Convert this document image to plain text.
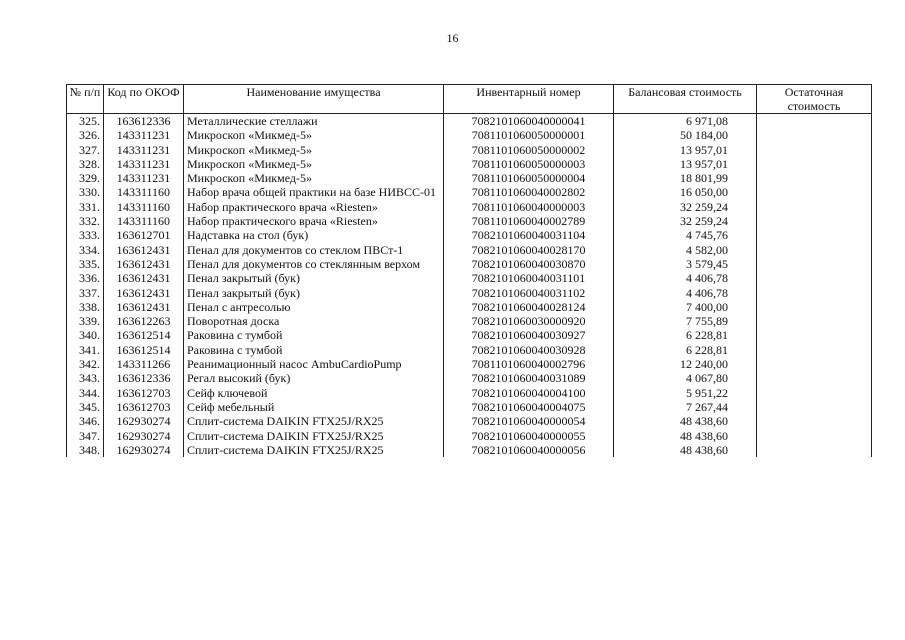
16
№ п/п	Код по ОКОФ	Наименование имущества	Инвентарный номер	Балансовая стоимость	Остаточная стоимость
325.	163612336	Металлические стеллажи	7082101060040000041	6 971,08	
326.	143311231	Микроскоп «Микмед-5»	7081101060050000001	50 184,00	
327.	143311231	Микроскоп «Микмед-5»	7081101060050000002	13 957,01	
328.	143311231	Микроскоп «Микмед-5»	7081101060050000003	13 957,01	
329.	143311231	Микроскоп «Микмед-5»	7081101060050000004	18 801,99	
330.	143311160	Набор врача общей практики на базе НИВСС-01	7081101060040002802	16 050,00	
331.	143311160	Набор практического врача «Riesten»	7081101060040000003	32 259,24	
332.	143311160	Набор практического врача «Riesten»	7081101060040002789	32 259,24	
333.	163612701	Надставка на стол (бук)	7082101060040031104	4 745,76	
334.	163612431	Пенал для документов со стеклом ПВСт-1	7082101060040028170	4 582,00	
335.	163612431	Пенал для документов со стеклянным верхом	7082101060040030870	3 579,45	
336.	163612431	Пенал закрытый (бук)	7082101060040031101	4 406,78	
337.	163612431	Пенал закрытый (бук)	7082101060040031102	4 406,78	
338.	163612431	Пенал с антресолью	7082101060040028124	7 400,00	
339.	163612263	Поворотная доска	7082101060030000920	7 755,89	
340.	163612514	Раковина с тумбой	7082101060040030927	6 228,81	
341.	163612514	Раковина с тумбой	7082101060040030928	6 228,81	
342.	143311266	Реанимационный насос AmbuCardioPump	7081101060040002796	12 240,00	
343.	163612336	Регал высокий (бук)	7082101060040031089	4 067,80	
344.	163612703	Сейф ключевой	7082101060040004100	5 951,22	
345.	163612703	Сейф мебельный	7082101060040004075	7 267,44	
346.	162930274	Сплит-система DAIKIN FTX25J/RX25	7082101060040000054	48 438,60	
347.	162930274	Сплит-система DAIKIN FTX25J/RX25	7082101060040000055	48 438,60	
348.	162930274	Сплит-система DAIKIN FTX25J/RX25	7082101060040000056	48 438,60	
